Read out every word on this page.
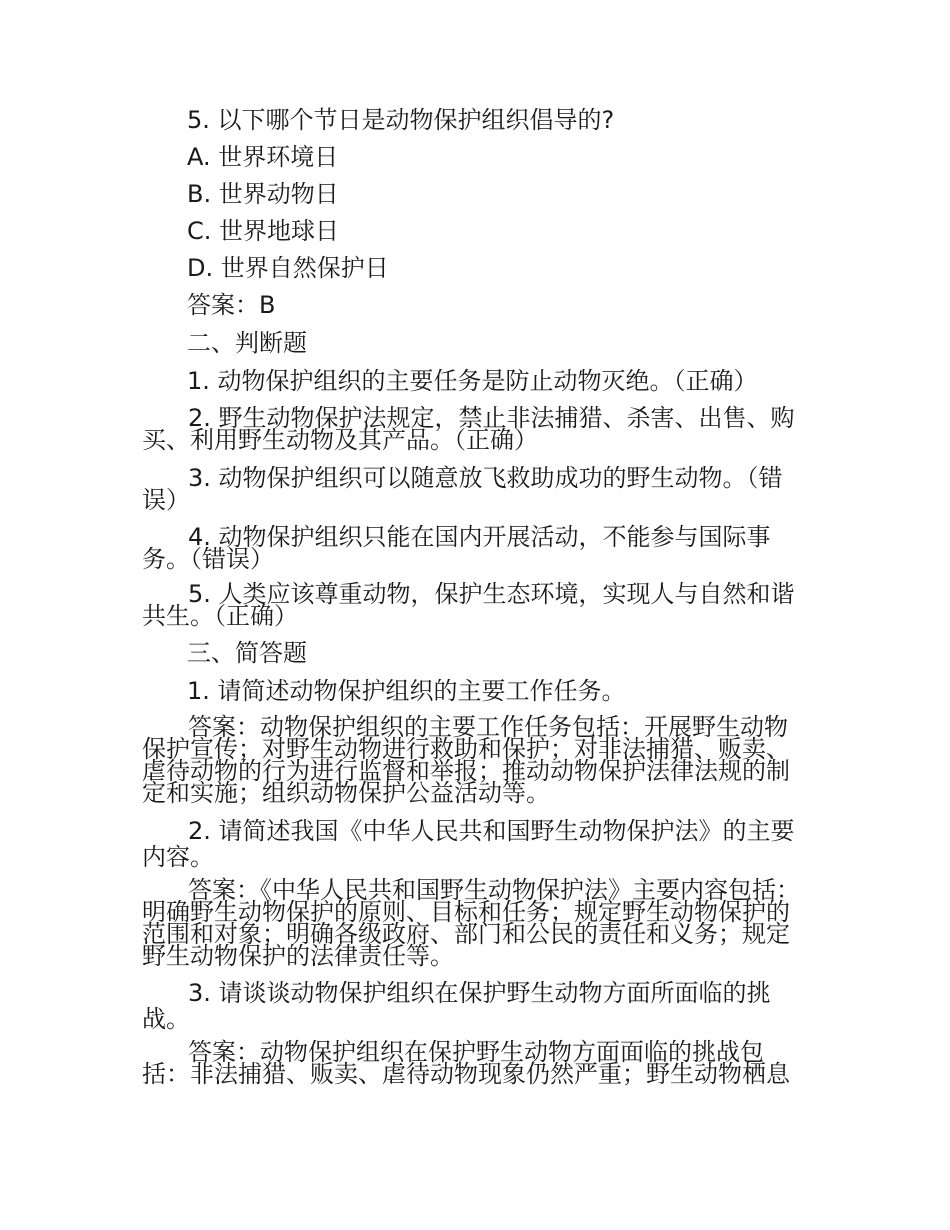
5. 以下哪个节日是动物保护组织倡导的?
A. 世界环境日
B. 世界动物日
C. 世界地球日
D. 世界自然保护日
答案：B
二、判断题
1. 动物保护组织的主要任务是防止动物灭绝。（正确）
2. 野生动物保护法规定，禁止非法捕猎、杀害、出售、购买、利用野生动物及其产品。（正确）
3. 动物保护组织可以随意放飞救助成功的野生动物。（错误）
4. 动物保护组织只能在国内开展活动，不能参与国际事务。（错误）
5. 人类应该尊重动物，保护生态环境，实现人与自然和谐共生。（正确）
三、简答题
1. 请简述动物保护组织的主要工作任务。
答案：动物保护组织的主要工作任务包括：开展野生动物保护宣传；对野生动物进行救助和保护；对非法捕猎、贩卖、虐待动物的行为进行监督和举报；推动动物保护法律法规的制定和实施；组织动物保护公益活动等。
2. 请简述我国《中华人民共和国野生动物保护法》的主要内容。
答案：《中华人民共和国野生动物保护法》主要内容包括：明确野生动物保护的原则、目标和任务；规定野生动物保护的范围和对象；明确各级政府、部门和公民的责任和义务；规定野生动物保护的法律责任等。
3. 请谈谈动物保护组织在保护野生动物方面所面临的挑战。
答案：动物保护组织在保护野生动物方面面临的挑战包括：非法捕猎、贩卖、虐待动物现象仍然严重；野生动物栖息
